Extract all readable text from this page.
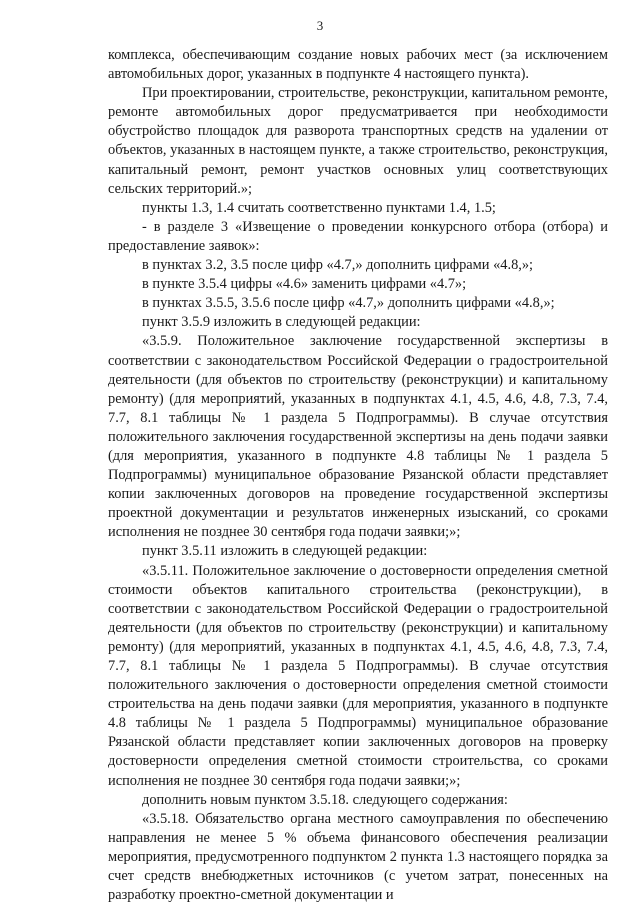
3

комплекса, обеспечивающим создание новых рабочих мест (за исключением автомобильных дорог, указанных в подпункте 4 настоящего пункта).

При проектировании, строительстве, реконструкции, капитальном ремонте, ремонте автомобильных дорог предусматривается при необходимости обустройство площадок для разворота транспортных средств на удалении от объектов, указанных в настоящем пункте, а также строительство, реконструкция, капитальный ремонт, ремонт участков основных улиц соответствующих сельских территорий.»;

пункты 1.3, 1.4 считать соответственно пунктами 1.4, 1.5;

- в разделе 3 «Извещение о проведении конкурсного отбора (отбора) и предоставление заявок»:

в пунктах 3.2, 3.5 после цифр «4.7,» дополнить цифрами «4.8,»;

в пункте 3.5.4 цифры «4.6» заменить цифрами «4.7»;

в пунктах 3.5.5, 3.5.6 после цифр «4.7,» дополнить цифрами «4.8,»;

пункт 3.5.9 изложить в следующей редакции:

«3.5.9. Положительное заключение государственной экспертизы в соответствии с законодательством Российской Федерации о градостроительной деятельности (для объектов по строительству (реконструкции) и капитальному ремонту) (для мероприятий, указанных в подпунктах 4.1, 4.5, 4.6, 4.8, 7.3, 7.4, 7.7, 8.1 таблицы № 1 раздела 5 Подпрограммы). В случае отсутствия положительного заключения государственной экспертизы на день подачи заявки (для мероприятия, указанного в подпункте 4.8 таблицы № 1 раздела 5 Подпрограммы) муниципальное образование Рязанской области представляет копии заключенных договоров на проведение государственной экспертизы проектной документации и результатов инженерных изысканий, со сроками исполнения не позднее 30 сентября года подачи заявки;»;

пункт 3.5.11 изложить в следующей редакции:

«3.5.11. Положительное заключение о достоверности определения сметной стоимости объектов капитального строительства (реконструкции), в соответствии с законодательством Российской Федерации о градостроительной деятельности (для объектов по строительству (реконструкции) и капитальному ремонту) (для мероприятий, указанных в подпунктах 4.1, 4.5, 4.6, 4.8, 7.3, 7.4, 7.7, 8.1 таблицы № 1 раздела 5 Подпрограммы). В случае отсутствия положительного заключения о достоверности определения сметной стоимости строительства на день подачи заявки (для мероприятия, указанного в подпункте 4.8 таблицы № 1 раздела 5 Подпрограммы) муниципальное образование Рязанской области представляет копии заключенных договоров на проверку достоверности определения сметной стоимости строительства, со сроками исполнения не позднее 30 сентября года подачи заявки;»;

дополнить новым пунктом 3.5.18. следующего содержания:

«3.5.18. Обязательство органа местного самоуправления по обеспечению направления не менее 5 % объема финансового обеспечения реализации мероприятия, предусмотренного подпунктом 2 пункта 1.3 настоящего порядка за счет средств внебюджетных источников (с учетом затрат, понесенных на разработку проектно-сметной документации и
